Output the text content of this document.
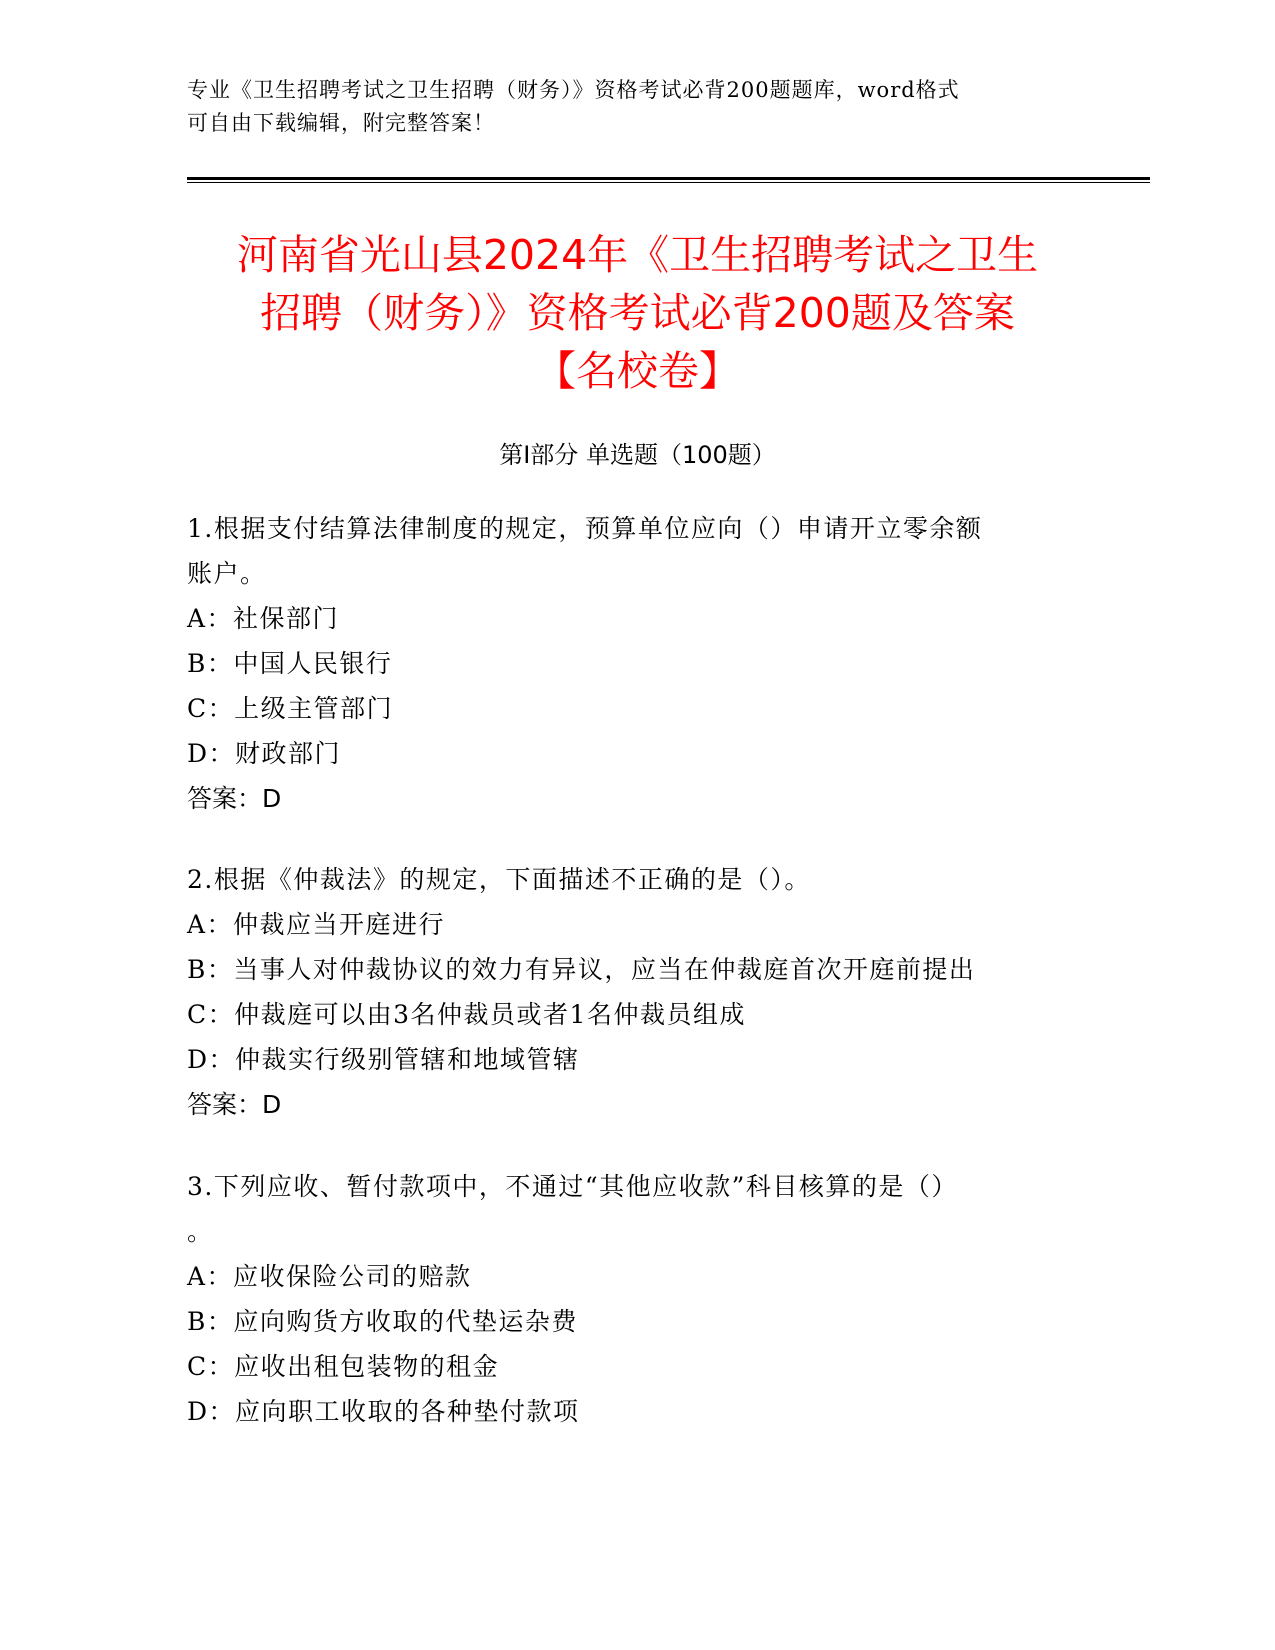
专业《卫生招聘考试之卫生招聘（财务）》资格考试必背200题题库，word格式
可自由下载编辑，附完整答案！
河南省光山县2024年《卫生招聘考试之卫生
招聘（财务）》资格考试必背200题及答案
【名校卷】
第Ⅰ部分 单选题（100题）
1.根据支付结算法律制度的规定，预算单位应向（）申请开立零余额
账户。
A：社保部门
B：中国人民银行
C：上级主管部门
D：财政部门
答案：D
2.根据《仲裁法》的规定，下面描述不正确的是（）。
A：仲裁应当开庭进行
B：当事人对仲裁协议的效力有异议，应当在仲裁庭首次开庭前提出
C：仲裁庭可以由3名仲裁员或者1名仲裁员组成
D：仲裁实行级别管辖和地域管辖
答案：D
3.下列应收、暂付款项中，不通过“其他应收款”科目核算的是（）
。
A：应收保险公司的赔款
B：应向购货方收取的代垫运杂费
C：应收出租包装物的租金
D：应向职工收取的各种垫付款项
